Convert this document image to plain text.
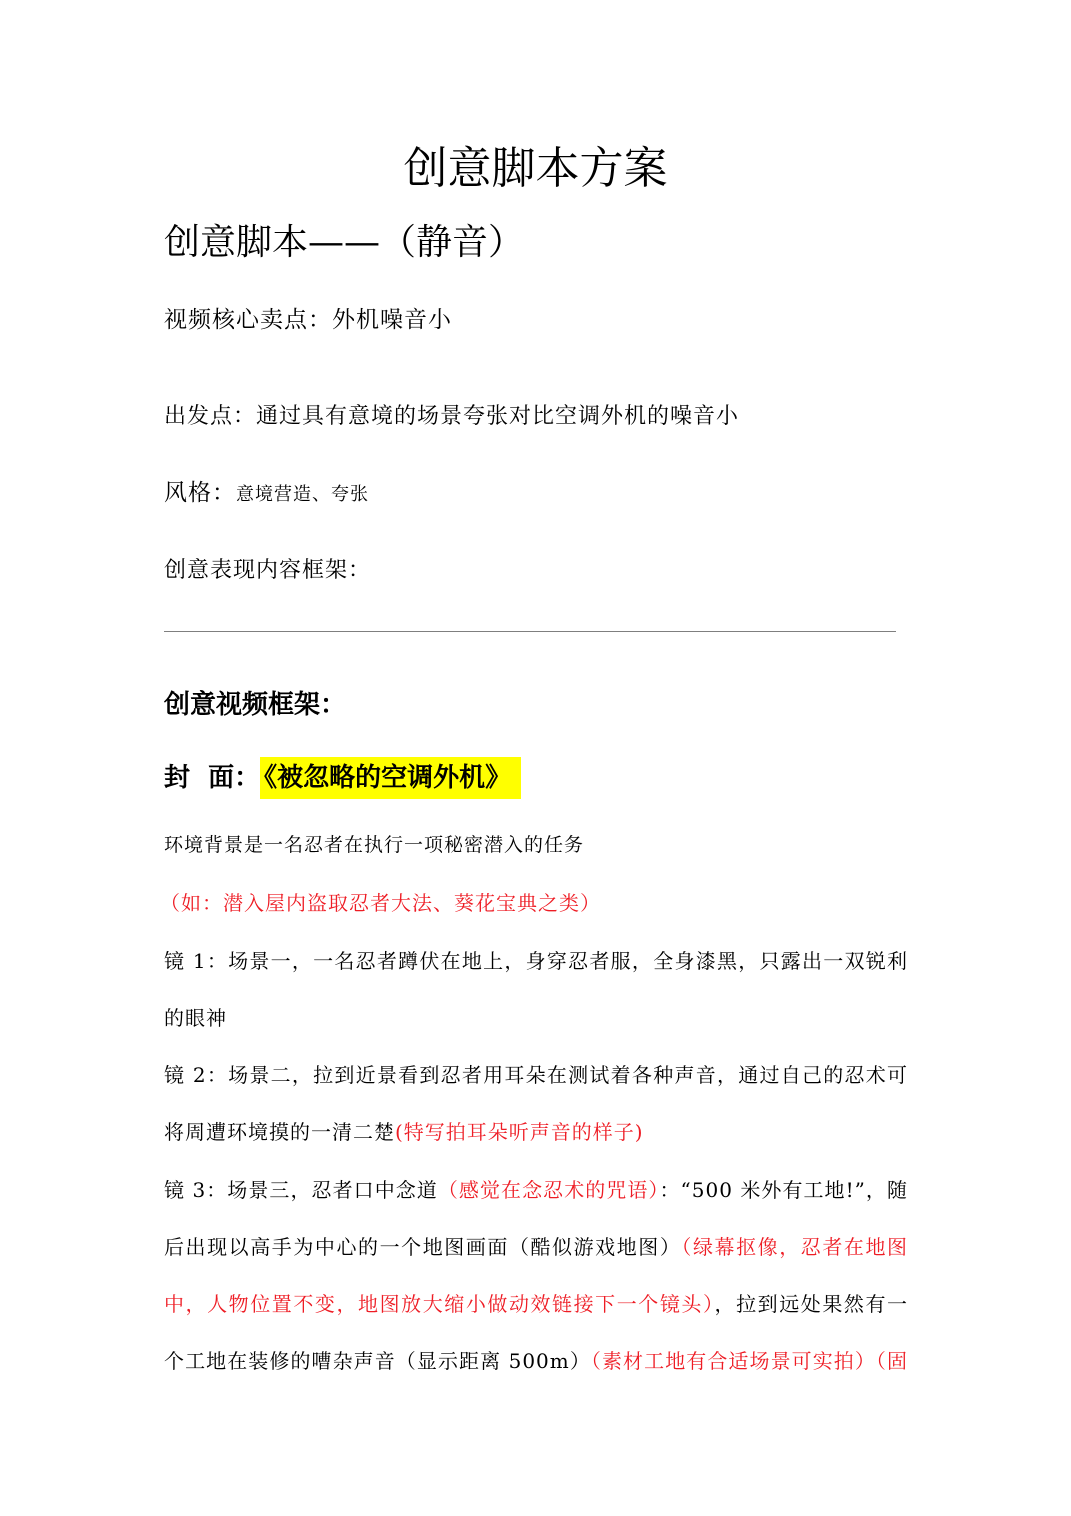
创意脚本方案
创意脚本——（静音）
视频核心卖点：外机噪音小
出发点：通过具有意境的场景夸张对比空调外机的噪音小
风格：意境营造、夸张
创意表现内容框架：
创意视频框架：
封  面： 《被忽略的空调外机》
环境背景是一名忍者在执行一项秘密潜入的任务
（如：潜入屋内盗取忍者大法、葵花宝典之类）
镜 1：场景一，一名忍者蹲伏在地上，身穿忍者服，全身漆黑，只露出一双锐利
的眼神
镜 2：场景二，拉到近景看到忍者用耳朵在测试着各种声音，通过自己的忍术可
将周遭环境摸的一清二楚(特写拍耳朵听声音的样子)
镜 3：场景三，忍者口中念道（感觉在念忍术的咒语）：“500 米外有工地!”，随
后出现以高手为中心的一个地图画面（酷似游戏地图）（绿幕抠像，忍者在地图
中，人物位置不变，地图放大缩小做动效链接下一个镜头），拉到远处果然有一
个工地在装修的嘈杂声音（显示距离 500m）（素材工地有合适场景可实拍）（固
